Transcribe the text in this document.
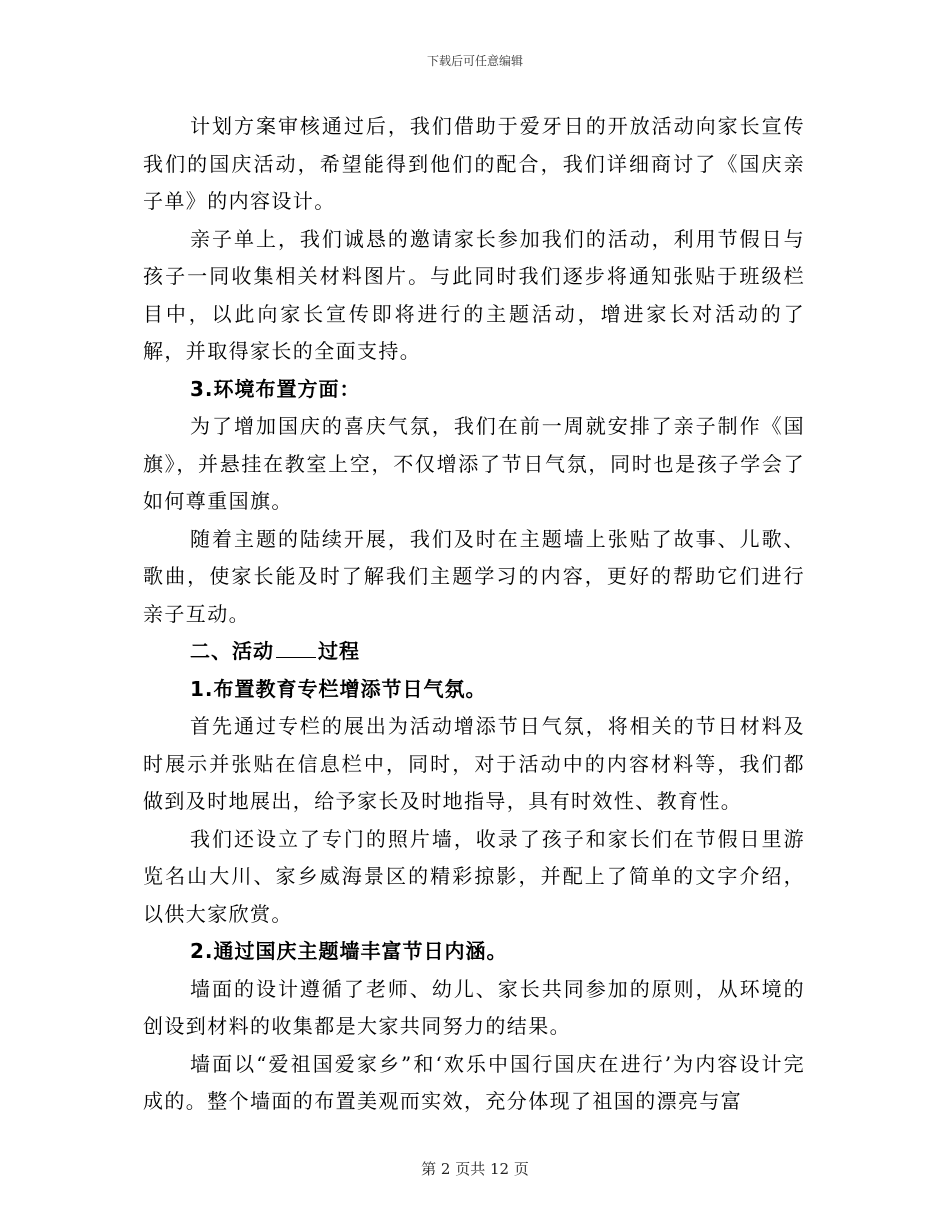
下载后可任意编辑

计划方案审核通过后，我们借助于爱牙日的开放活动向家长宣传我们的国庆活动，希望能得到他们的配合，我们详细商讨了《国庆亲子单》的内容设计。

亲子单上，我们诚恳的邀请家长参加我们的活动，利用节假日与孩子一同收集相关材料图片。与此同时我们逐步将通知张贴于班级栏目中，以此向家长宣传即将进行的主题活动，增进家长对活动的了解，并取得家长的全面支持。

3.环境布置方面：

为了增加国庆的喜庆气氛，我们在前一周就安排了亲子制作《国旗》，并悬挂在教室上空，不仅增添了节日气氛，同时也是孩子学会了如何尊重国旗。

随着主题的陆续开展，我们及时在主题墙上张贴了故事、儿歌、歌曲，使家长能及时了解我们主题学习的内容，更好的帮助它们进行亲子互动。

二、活动 过程

1.布置教育专栏增添节日气氛。

首先通过专栏的展出为活动增添节日气氛，将相关的节日材料及时展示并张贴在信息栏中，同时，对于活动中的内容材料等，我们都做到及时地展出，给予家长及时地指导，具有时效性、教育性。

我们还设立了专门的照片墙，收录了孩子和家长们在节假日里游览名山大川、家乡威海景区的精彩掠影，并配上了简单的文字介绍，以供大家欣赏。

2.通过国庆主题墙丰富节日内涵。

墙面的设计遵循了老师、幼儿、家长共同参加的原则，从环境的创设到材料的收集都是大家共同努力的结果。

墙面以“爱祖国爱家乡”和‘欢乐中国行国庆在进行’为内容设计完成的。整个墙面的布置美观而实效，充分体现了祖国的漂亮与富

第 2 页共 12 页
